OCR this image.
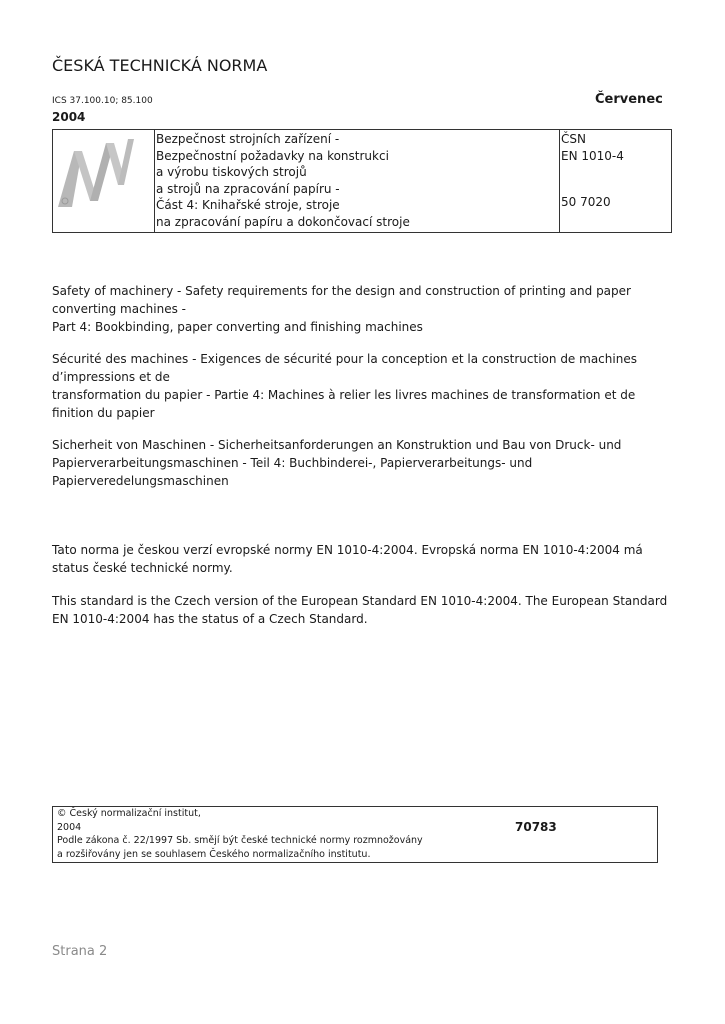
ČESKÁ TECHNICKÁ NORMA
ICS 37.100.10; 85.100	Červenec
2004
Bezpečnost strojních zařízení -
Bezpečnostní požadavky na konstrukci
a výrobu tiskových strojů
a strojů na zpracování papíru -
Část 4: Knihařské stroje, stroje
na zpracování papíru a dokončovací stroje
ČSN
EN 1010-4
50 7020
Safety of machinery - Safety requirements for the design and construction of printing and paper
converting machines -
Part 4: Bookbinding, paper converting and finishing machines
Sécurité des machines - Exigences de sécurité pour la conception et la construction de machines
d’impressions et de
transformation du papier - Partie 4: Machines à relier les livres machines de transformation et de
finition du papier
Sicherheit von Maschinen - Sicherheitsanforderungen an Konstruktion und Bau von Druck- und
Papierverarbeitungsmaschinen - Teil 4: Buchbinderei-, Papierverarbeitungs- und
Papierveredelungsmaschinen
Tato norma je českou verzí evropské normy EN 1010-4:2004. Evropská norma EN 1010-4:2004 má
status české technické normy.
This standard is the Czech version of the European Standard EN 1010-4:2004. The European Standard
EN 1010-4:2004 has the status of a Czech Standard.
© Český normalizační institut,
2004
Podle zákona č. 22/1997 Sb. smějí být české technické normy rozmnožovány
a rozšiřovány jen se souhlasem Českého normalizačního institutu.
70783
Strana 2
